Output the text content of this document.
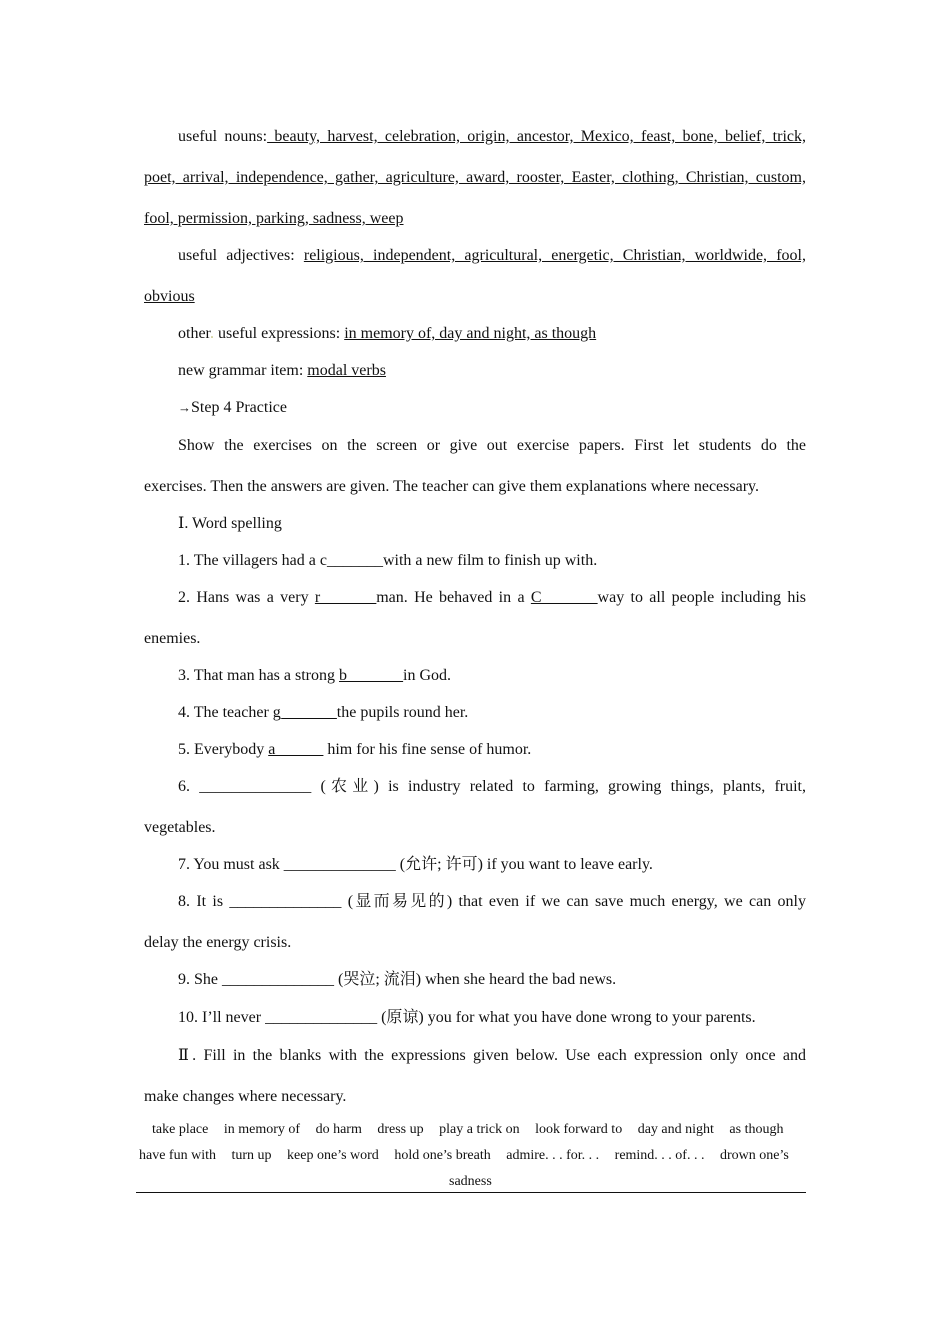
useful nouns: beauty, harvest, celebration, origin, ancestor, Mexico, feast, bone, belief, trick,
poet, arrival, independence, gather, agriculture, award, rooster, Easter, clothing, Christian, custom,
fool, permission, parking, sadness, weep
useful adjectives: religious, independent, agricultural, energetic, Christian, worldwide, fool,
obvious
other. useful expressions: in memory of, day and night, as though
new grammar item: modal verbs
→Step 4 Practice
Show the exercises on the screen or give out exercise papers. First let students do the
exercises. Then the answers are given. The teacher can give them explanations where necessary.
Ⅰ. Word spelling
1. The villagers had a c_______with a new film to finish up with.
2. Hans was a very r_______man. He behaved in a C_______way to all people including his
enemies.
3. That man has a strong b_______in God.
4. The teacher g_______the pupils round her.
5. Everybody a______ him for his fine sense of humor.
6. ______________ (农业) is industry related to farming, growing things, plants, fruit,
vegetables.
7. You must ask ______________ (允许; 许可) if you want to leave early.
8. It is ______________ (显而易见的) that even if we can save much energy, we can only
delay the energy crisis.
9. She ______________ (哭泣; 流泪) when she heard the bad news.
10. I’ll never ______________ (原谅) you for what you have done wrong to your parents.
Ⅱ. Fill in the blanks with the expressions given below. Use each expression only once and
make changes where necessary.
take place in memory of do harm dress up play a trick on look forward to day and night as though
have fun with turn up keep one’s word hold one’s breath admire. . . for. . . remind. . . of. . . drown one’s
sadness
